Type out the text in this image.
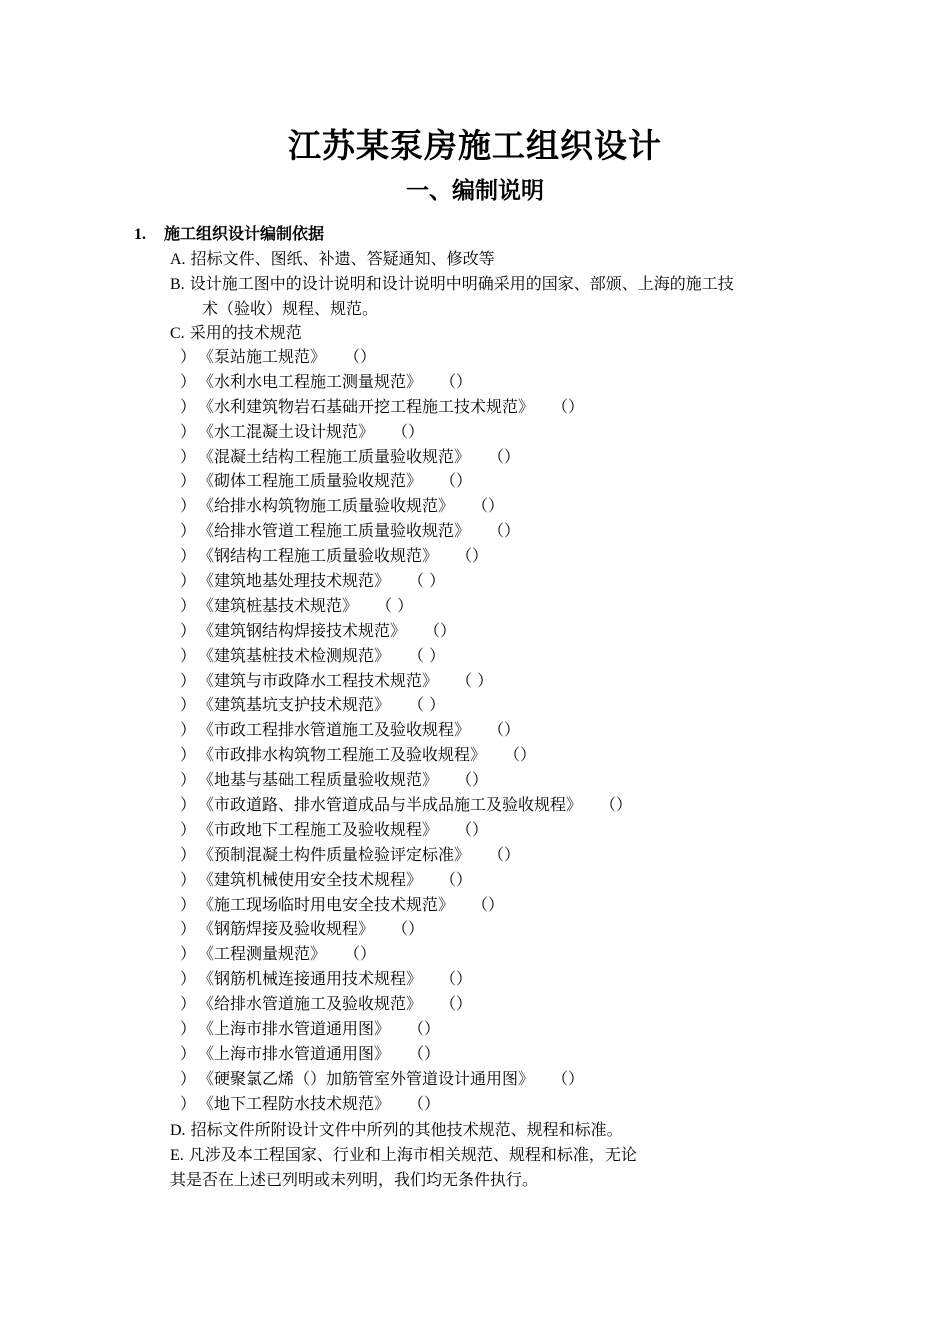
江苏某泵房施工组织设计
一、编制说明
1. 施工组织设计编制依据
A. 招标文件、图纸、补遗、答疑通知、修改等
B. 设计施工图中的设计说明和设计说明中明确采用的国家、部颁、上海的施工技
术（验收）规程、规范。
C. 采用的技术规范
） 《泵站施工规范》 （）
） 《水利水电工程施工测量规范》 （）
） 《水利建筑物岩石基础开挖工程施工技术规范》 （）
） 《水工混凝土设计规范》 （）
） 《混凝土结构工程施工质量验收规范》 （）
） 《砌体工程施工质量验收规范》 （）
） 《给排水构筑物施工质量验收规范》 （）
） 《给排水管道工程施工质量验收规范》 （）
） 《钢结构工程施工质量验收规范》 （）
） 《建筑地基处理技术规范》 （ ）
） 《建筑桩基技术规范》 （ ）
） 《建筑钢结构焊接技术规范》 （）
） 《建筑基桩技术检测规范》 （ ）
） 《建筑与市政降水工程技术规范》 （ ）
） 《建筑基坑支护技术规范》 （ ）
） 《市政工程排水管道施工及验收规程》 （）
） 《市政排水构筑物工程施工及验收规程》 （）
） 《地基与基础工程质量验收规范》 （）
） 《市政道路、排水管道成品与半成品施工及验收规程》 （）
） 《市政地下工程施工及验收规程》 （）
） 《预制混凝土构件质量检验评定标准》 （）
） 《建筑机械使用安全技术规程》 （）
） 《施工现场临时用电安全技术规范》 （）
） 《钢筋焊接及验收规程》 （）
） 《工程测量规范》 （）
） 《钢筋机械连接通用技术规程》 （）
） 《给排水管道施工及验收规范》 （）
） 《上海市排水管道通用图》 （）
） 《上海市排水管道通用图》 （）
） 《硬聚氯乙烯（）加筋管室外管道设计通用图》 （）
） 《地下工程防水技术规范》 （）
D. 招标文件所附设计文件中所列的其他技术规范、规程和标准。
E. 凡涉及本工程国家、行业和上海市相关规范、规程和标准，无论
其是否在上述已列明或未列明，我们均无条件执行。
